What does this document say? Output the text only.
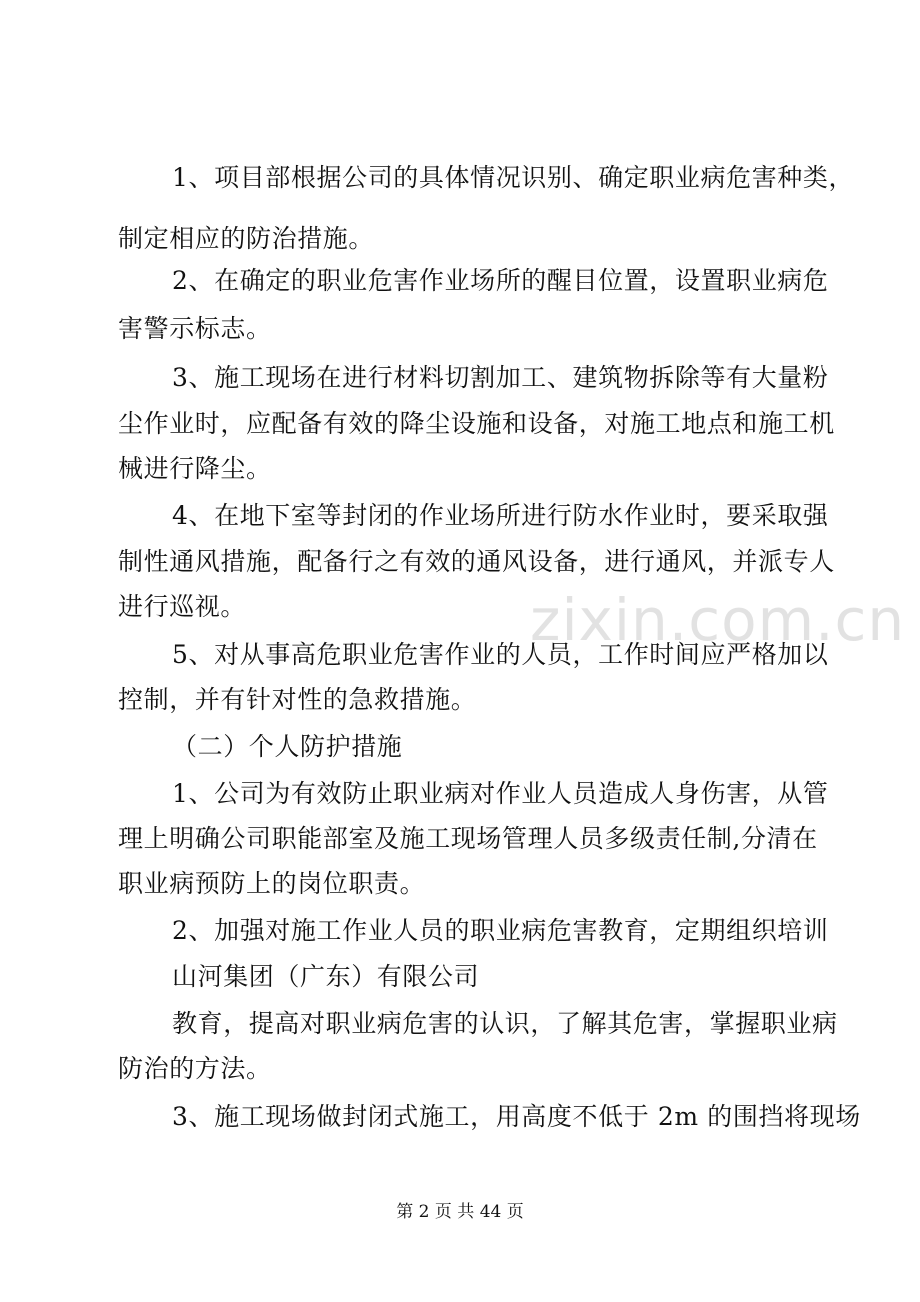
zixin.com.cn
1、项目部根据公司的具体情况识别、确定职业病危害种类，
制定相应的防治措施。
2、在确定的职业危害作业场所的醒目位置，设置职业病危
害警示标志。
3、施工现场在进行材料切割加工、建筑物拆除等有大量粉
尘作业时，应配备有效的降尘设施和设备，对施工地点和施工机
械进行降尘。
4、在地下室等封闭的作业场所进行防水作业时，要采取强
制性通风措施，配备行之有效的通风设备，进行通风，并派专人
进行巡视。
5、对从事高危职业危害作业的人员，工作时间应严格加以
控制，并有针对性的急救措施。
（二）个人防护措施
1、公司为有效防止职业病对作业人员造成人身伤害，从管
理上明确公司职能部室及施工现场管理人员多级责任制,分清在
职业病预防上的岗位职责。
2、加强对施工作业人员的职业病危害教育，定期组织培训
山河集团（广东）有限公司
教育，提高对职业病危害的认识，了解其危害，掌握职业病
防治的方法。
3、施工现场做封闭式施工，用高度不低于 2m 的围挡将现场
第 2 页 共 44 页
